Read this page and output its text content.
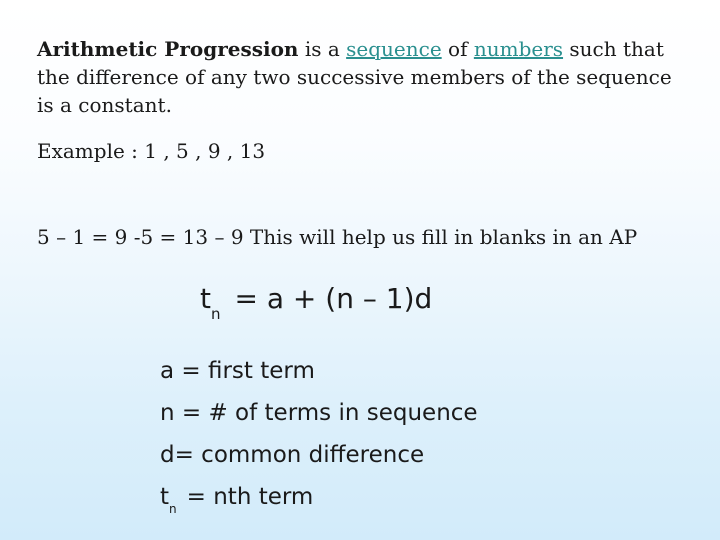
Arithmetic Progression is a sequence of numbers such that the difference of any two successive members of the sequence is a constant.
Example : 1 , 5 , 9 , 13
5 – 1 = 9 -5 = 13 – 9 This will help us fill in blanks in an AP
$t_n = a + (n - 1)d$
a = first term
n = # of terms in sequence
d= common difference
$t_n$ = nth term
